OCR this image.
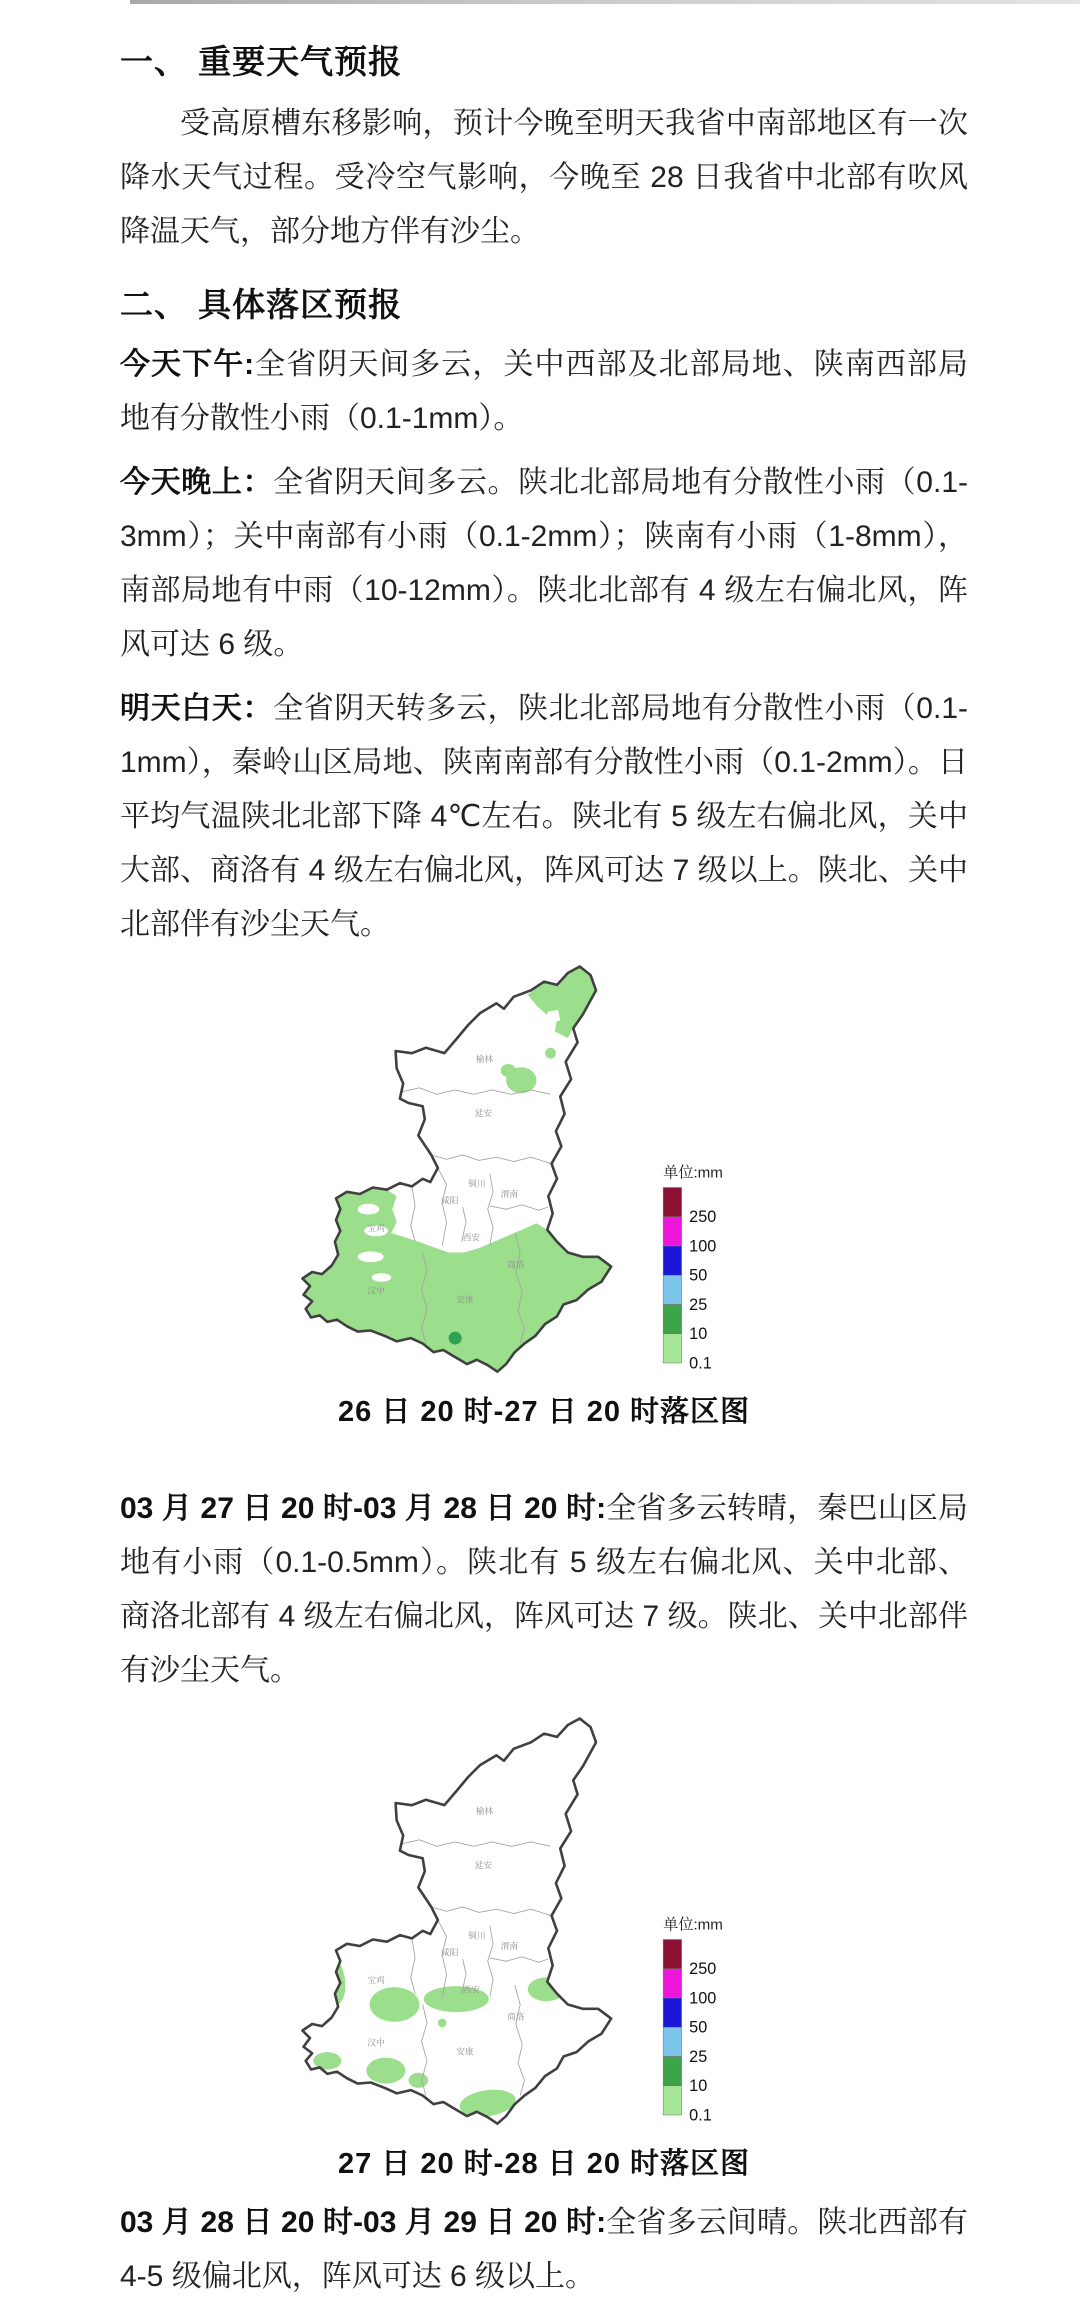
一、 重要天气预报

受高原槽东移影响，预计今晚至明天我省中南部地区有一次降水天气过程。受冷空气影响，今晚至 28 日我省中北部有吹风降温天气，部分地方伴有沙尘。

二、 具体落区预报

今天下午:全省阴天间多云，关中西部及北部局地、陕南西部局地有分散性小雨（0.1-1mm）。

今天晚上：全省阴天间多云。陕北北部局地有分散性小雨（0.1-3mm）；关中南部有小雨（0.1-2mm）；陕南有小雨（1-8mm），南部局地有中雨（10-12mm）。陕北北部有 4 级左右偏北风，阵风可达 6 级。

明天白天：全省阴天转多云，陕北北部局地有分散性小雨（0.1-1mm），秦岭山区局地、陕南南部有分散性小雨（0.1-2mm）。日平均气温陕北北部下降 4℃左右。陕北有 5 级左右偏北风，关中大部、商洛有 4 级左右偏北风，阵风可达 7 级以上。陕北、关中北部伴有沙尘天气。

榆林
延安
铜川
咸阳
渭南
宝鸡
西安
商洛
汉中
安康
单位:mm
250
100
50
25
10
0.1
26 日 20 时-27 日 20 时落区图

03 月 27 日 20 时-03 月 28 日 20 时:全省多云转晴，秦巴山区局地有小雨（0.1-0.5mm）。陕北有 5 级左右偏北风、关中北部、商洛北部有 4 级左右偏北风，阵风可达 7 级。陕北、关中北部伴有沙尘天气。

榆林
延安
铜川
咸阳
渭南
宝鸡
西安
商洛
汉中
安康
单位:mm
250
100
50
25
10
0.1
27 日 20 时-28 日 20 时落区图

03 月 28 日 20 时-03 月 29 日 20 时:全省多云间晴。陕北西部有 4-5 级偏北风，阵风可达 6 级以上。
